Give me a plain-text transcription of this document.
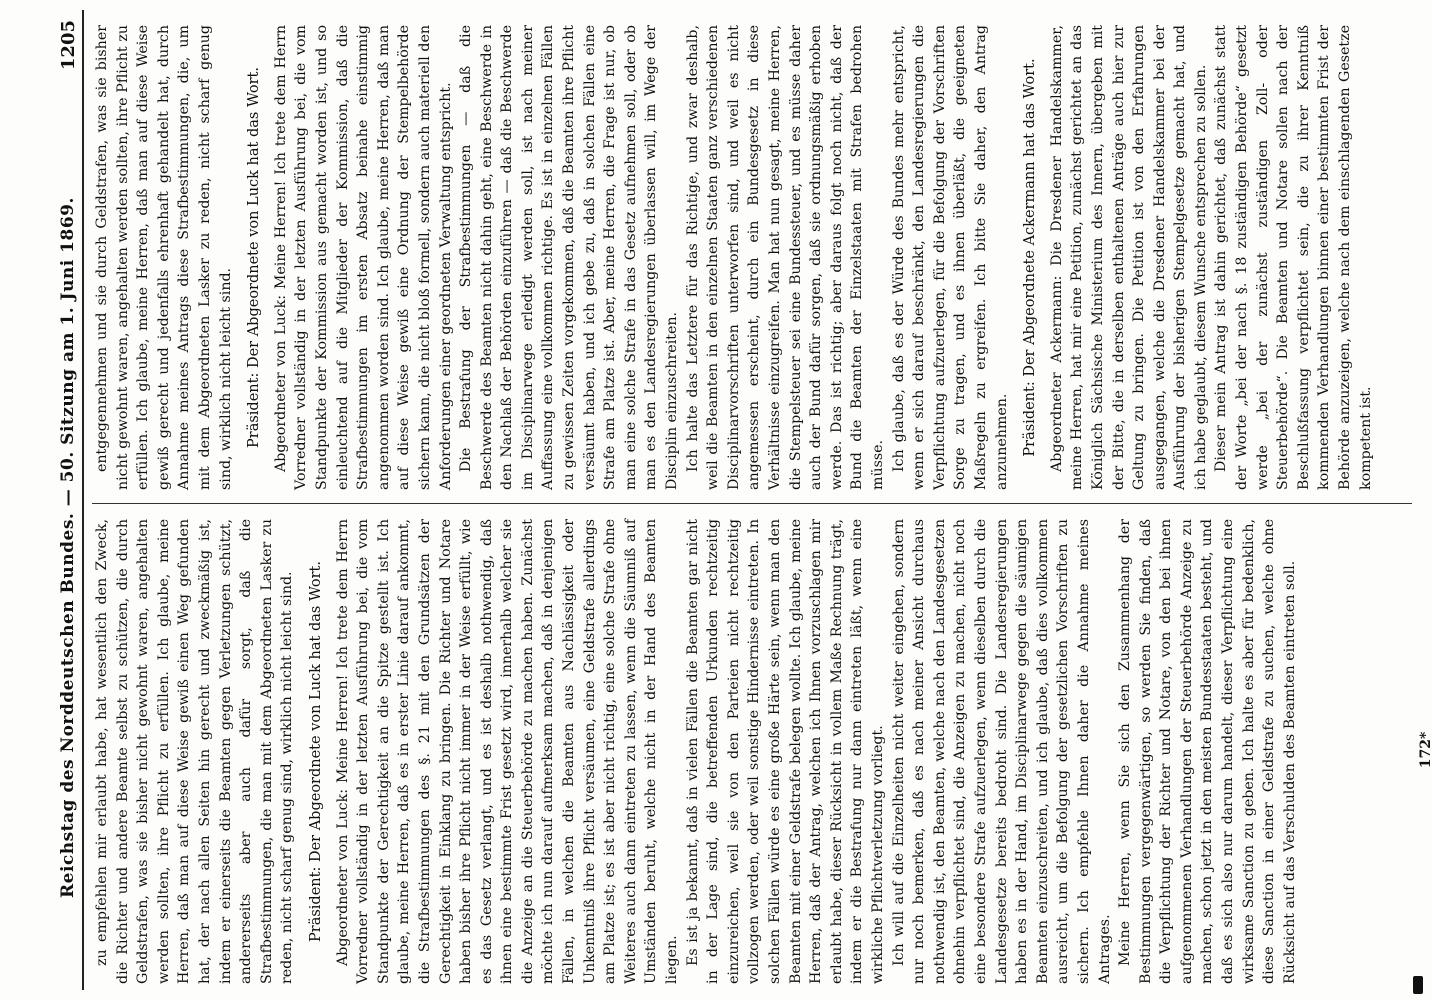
Reichstag des Norddeutschen Bundes. — 50. Sitzung am 1. Juni 1869.
1205

zu empfehlen mir erlaubt habe, hat wesentlich den Zweck, die Richter und andere Beamte selbst zu schützen, die durch Geldstrafen, was sie bisher nicht gewohnt waren, angehalten werden sollten, ihre Pflicht zu erfüllen. Ich glaube, meine Herren, daß man auf diese Weise gewiß einen Weg gefunden hat, der nach allen Seiten hin gerecht und zweckmäßig ist, indem er einerseits die Beamten gegen Verletzungen schützt, andererseits aber auch dafür sorgt, daß die Strafbestimmungen, die man mit dem Abgeordneten Lasker zu reden, nicht scharf genug sind, wirklich nicht leicht sind. Präsident: Der Abgeordnete von Luck hat das Wort. Abgeordneter von Luck: Meine Herren! Ich trete dem Herrn Vorredner vollständig in der letzten Ausführung bei, die vom Standpunkte der Gerechtigkeit an die Spitze gestellt ist. Ich glaube, meine Herren, daß es in erster Linie darauf ankommt, die Strafbestimmungen des §. 21 mit den Grundsätzen der Gerechtigkeit in Einklang zu bringen. Die Richter und Notare haben bisher ihre Pflicht nicht immer in der Weise erfüllt, wie es das Gesetz verlangt, und es ist deshalb nothwendig, daß ihnen eine bestimmte Frist gesetzt wird, innerhalb welcher sie die Anzeige an die Steuerbehörde zu machen haben. Zunächst möchte ich nun darauf aufmerksam machen, daß in denjenigen Fällen, in welchen die Beamten aus Nachlässigkeit oder Unkenntniß ihre Pflicht versäumen, eine Geldstrafe allerdings am Platze ist; es ist aber nicht richtig, eine solche Strafe ohne Weiteres auch dann eintreten zu lassen, wenn die Säumniß auf Umständen beruht, welche nicht in der Hand des Beamten liegen. Es ist ja bekannt, daß in vielen Fällen die Beamten gar nicht in der Lage sind, die betreffenden Urkunden rechtzeitig einzureichen, weil sie von den Parteien nicht rechtzeitig vollzogen werden, oder weil sonstige Hindernisse eintreten. In solchen Fällen würde es eine große Härte sein, wenn man den Beamten mit einer Geldstrafe belegen wollte. Ich glaube, meine Herren, daß der Antrag, welchen ich Ihnen vorzuschlagen mir erlaubt habe, dieser Rücksicht in vollem Maße Rechnung trägt, indem er die Bestrafung nur dann eintreten läßt, wenn eine wirkliche Pflichtverletzung vorliegt. Ich will auf die Einzelheiten nicht weiter eingehen, sondern nur noch bemerken, daß es nach meiner Ansicht durchaus nothwendig ist, den Beamten, welche nach den Landesgesetzen ohnehin verpflichtet sind, die Anzeigen zu machen, nicht noch eine besondere Strafe aufzuerlegen, wenn dieselben durch die Landesgesetze bereits bedroht sind. Die Landesregierungen haben es in der Hand, im Disciplinarwege gegen die säumigen Beamten einzuschreiten, und ich glaube, daß dies vollkommen ausreicht, um die Befolgung der gesetzlichen Vorschriften zu sichern. Ich empfehle Ihnen daher die Annahme meines Antrages. Meine Herren, wenn Sie sich den Zusammenhang der Bestimmungen vergegenwärtigen, so werden Sie finden, daß die Verpflichtung der Richter und Notare, von den bei ihnen aufgenommenen Verhandlungen der Steuerbehörde Anzeige zu machen, schon jetzt in den meisten Bundesstaaten besteht, und daß es sich also nur darum handelt, dieser Verpflichtung eine wirksame Sanction zu geben. Ich halte es aber für bedenklich, diese Sanction in einer Geldstrafe zu suchen, welche ohne Rücksicht auf das Verschulden des Beamten eintreten soll.

entgegennehmen und sie durch Geldstrafen, was sie bisher nicht gewohnt waren, angehalten werden sollten, ihre Pflicht zu erfüllen. Ich glaube, meine Herren, daß man auf diese Weise gewiß gerecht und jedenfalls ehrenhaft gehandelt hat, durch Annahme meines Antrags diese Strafbestimmungen, die, um mit dem Abgeordneten Lasker zu reden, nicht scharf genug sind, wirklich nicht leicht sind. Präsident: Der Abgeordnete von Luck hat das Wort. Abgeordneter von Luck: Meine Herren! Ich trete dem Herrn Vorredner vollständig in der letzten Ausführung bei, die vom Standpunkte der Kommission aus gemacht worden ist, und so einleuchtend auf die Mitglieder der Kommission, daß die Strafbestimmungen im ersten Absatz beinahe einstimmig angenommen worden sind. Ich glaube, meine Herren, daß man auf diese Weise gewiß eine Ordnung der Stempelbehörde sichern kann, die nicht bloß formell, sondern auch materiell den Anforderungen einer geordneten Verwaltung entspricht. Die Bestrafung der Strafbestimmungen — daß die Beschwerde des Beamten nicht dahin geht, eine Beschwerde in den Nachlaß der Behörden einzuführen — daß die Beschwerde im Disciplinarwege erledigt werden soll, ist nach meiner Auffassung eine vollkommen richtige. Es ist in einzelnen Fällen zu gewissen Zeiten vorgekommen, daß die Beamten ihre Pflicht versäumt haben, und ich gebe zu, daß in solchen Fällen eine Strafe am Platze ist. Aber, meine Herren, die Frage ist nur, ob man eine solche Strafe in das Gesetz aufnehmen soll, oder ob man es den Landesregierungen überlassen will, im Wege der Disciplin einzuschreiten. Ich halte das Letztere für das Richtige, und zwar deshalb, weil die Beamten in den einzelnen Staaten ganz verschiedenen Disciplinarvorschriften unterworfen sind, und weil es nicht angemessen erscheint, durch ein Bundesgesetz in diese Verhältnisse einzugreifen. Man hat nun gesagt, meine Herren, die Stempelsteuer sei eine Bundessteuer, und es müsse daher auch der Bund dafür sorgen, daß sie ordnungsmäßig erhoben werde. Das ist richtig; aber daraus folgt noch nicht, daß der Bund die Beamten der Einzelstaaten mit Strafen bedrohen müsse. Ich glaube, daß es der Würde des Bundes mehr entspricht, wenn er sich darauf beschränkt, den Landesregierungen die Verpflichtung aufzuerlegen, für die Befolgung der Vorschriften Sorge zu tragen, und es ihnen überläßt, die geeigneten Maßregeln zu ergreifen. Ich bitte Sie daher, den Antrag anzunehmen. Präsident: Der Abgeordnete Ackermann hat das Wort. Abgeordneter Ackermann: Die Dresdener Handelskammer, meine Herren, hat mir eine Petition, zunächst gerichtet an das Königlich Sächsische Ministerium des Innern, übergeben mit der Bitte, die in derselben enthaltenen Anträge auch hier zur Geltung zu bringen. Die Petition ist von den Erfahrungen ausgegangen, welche die Dresdener Handelskammer bei der Ausführung der bisherigen Stempelgesetze gemacht hat, und ich habe geglaubt, diesem Wunsche entsprechen zu sollen. Dieser mein Antrag ist dahin gerichtet, daß zunächst statt der Worte „bei der nach §. 18 zuständigen Behörde“ gesetzt werde „bei der zunächst zuständigen Zoll- oder Steuerbehörde“. Die Beamten und Notare sollen nach der Beschlußfassung verpflichtet sein, die zu ihrer Kenntniß kommenden Verhandlungen binnen einer bestimmten Frist der Behörde anzuzeigen, welche nach dem einschlagenden Gesetze kompetent ist.

172*
